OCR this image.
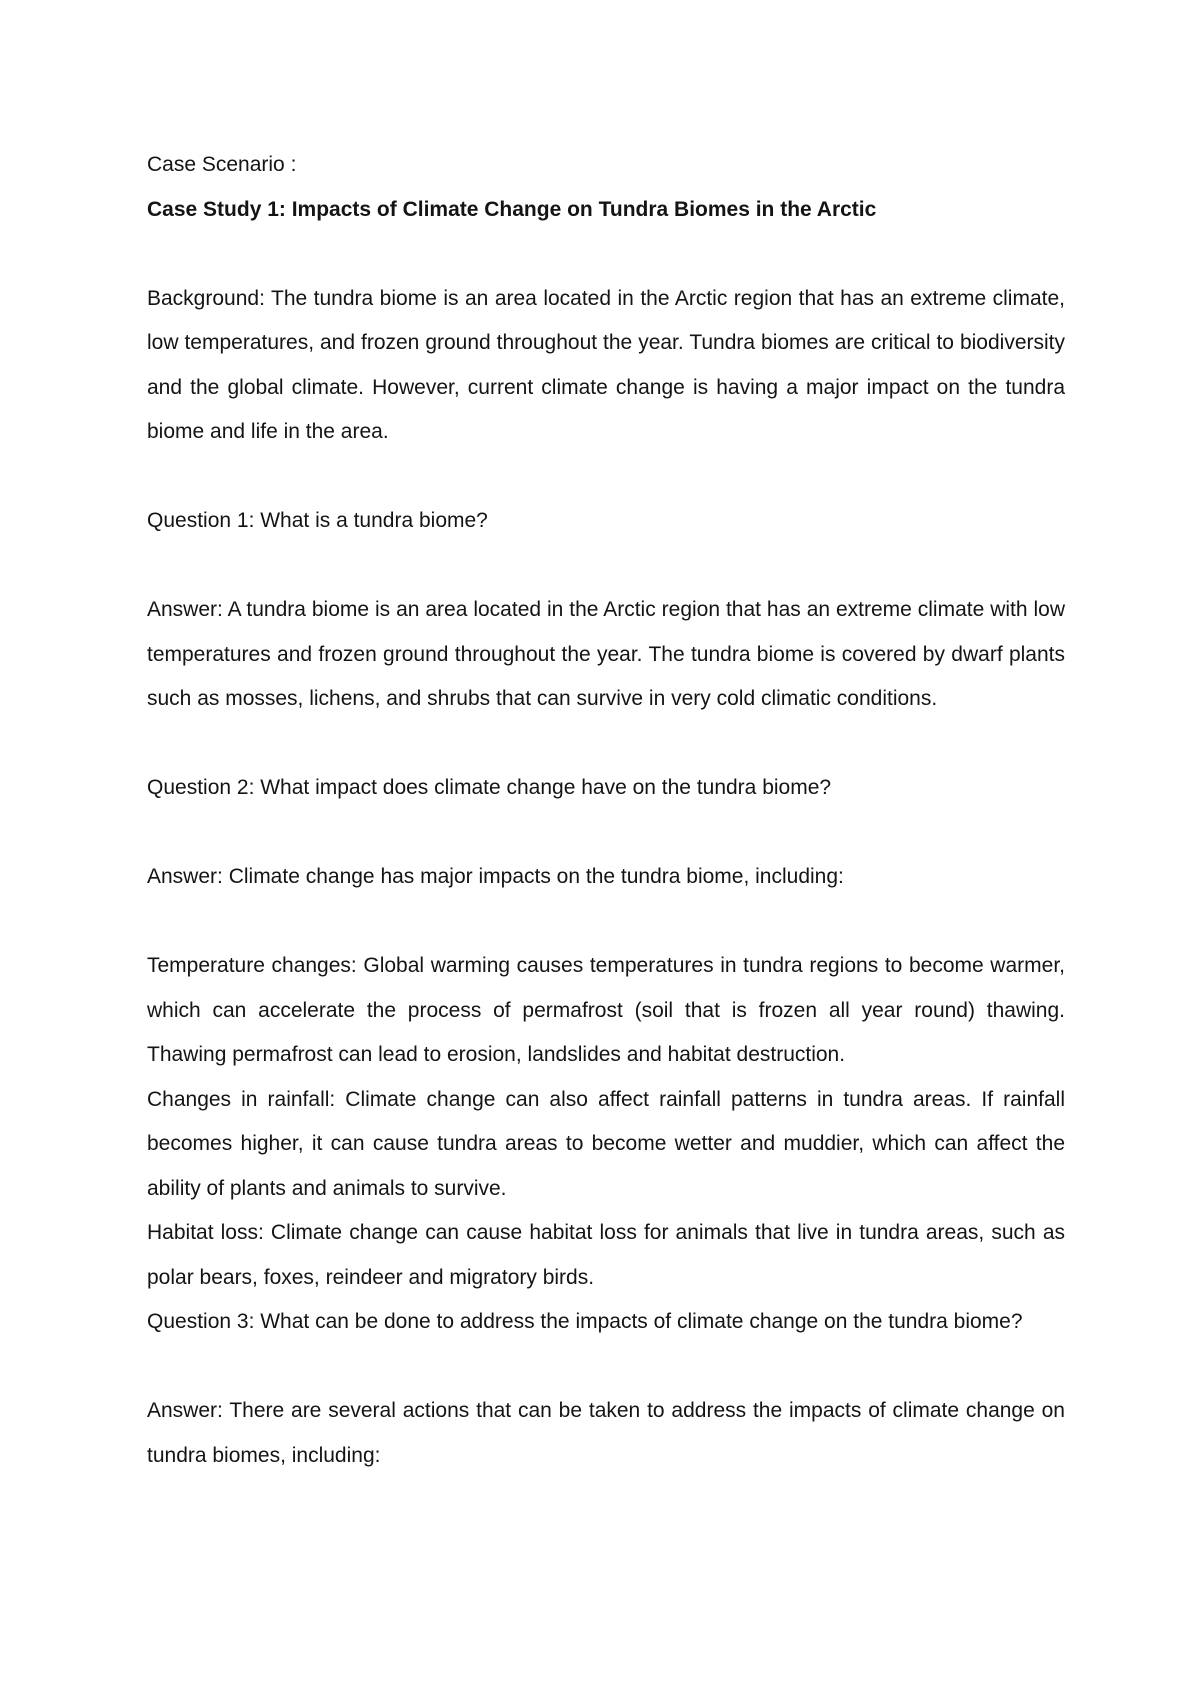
Case Scenario :

Case Study 1: Impacts of Climate Change on Tundra Biomes in the Arctic

Background: The tundra biome is an area located in the Arctic region that has an extreme climate, low temperatures, and frozen ground throughout the year. Tundra biomes are critical to biodiversity and the global climate. However, current climate change is having a major impact on the tundra biome and life in the area.

Question 1: What is a tundra biome?

Answer: A tundra biome is an area located in the Arctic region that has an extreme climate with low temperatures and frozen ground throughout the year. The tundra biome is covered by dwarf plants such as mosses, lichens, and shrubs that can survive in very cold climatic conditions.

Question 2: What impact does climate change have on the tundra biome?

Answer: Climate change has major impacts on the tundra biome, including:

Temperature changes: Global warming causes temperatures in tundra regions to become warmer, which can accelerate the process of permafrost (soil that is frozen all year round) thawing. Thawing permafrost can lead to erosion, landslides and habitat destruction.

Changes in rainfall: Climate change can also affect rainfall patterns in tundra areas. If rainfall becomes higher, it can cause tundra areas to become wetter and muddier, which can affect the ability of plants and animals to survive.

Habitat loss: Climate change can cause habitat loss for animals that live in tundra areas, such as polar bears, foxes, reindeer and migratory birds.

Question 3: What can be done to address the impacts of climate change on the tundra biome?

Answer: There are several actions that can be taken to address the impacts of climate change on tundra biomes, including:
